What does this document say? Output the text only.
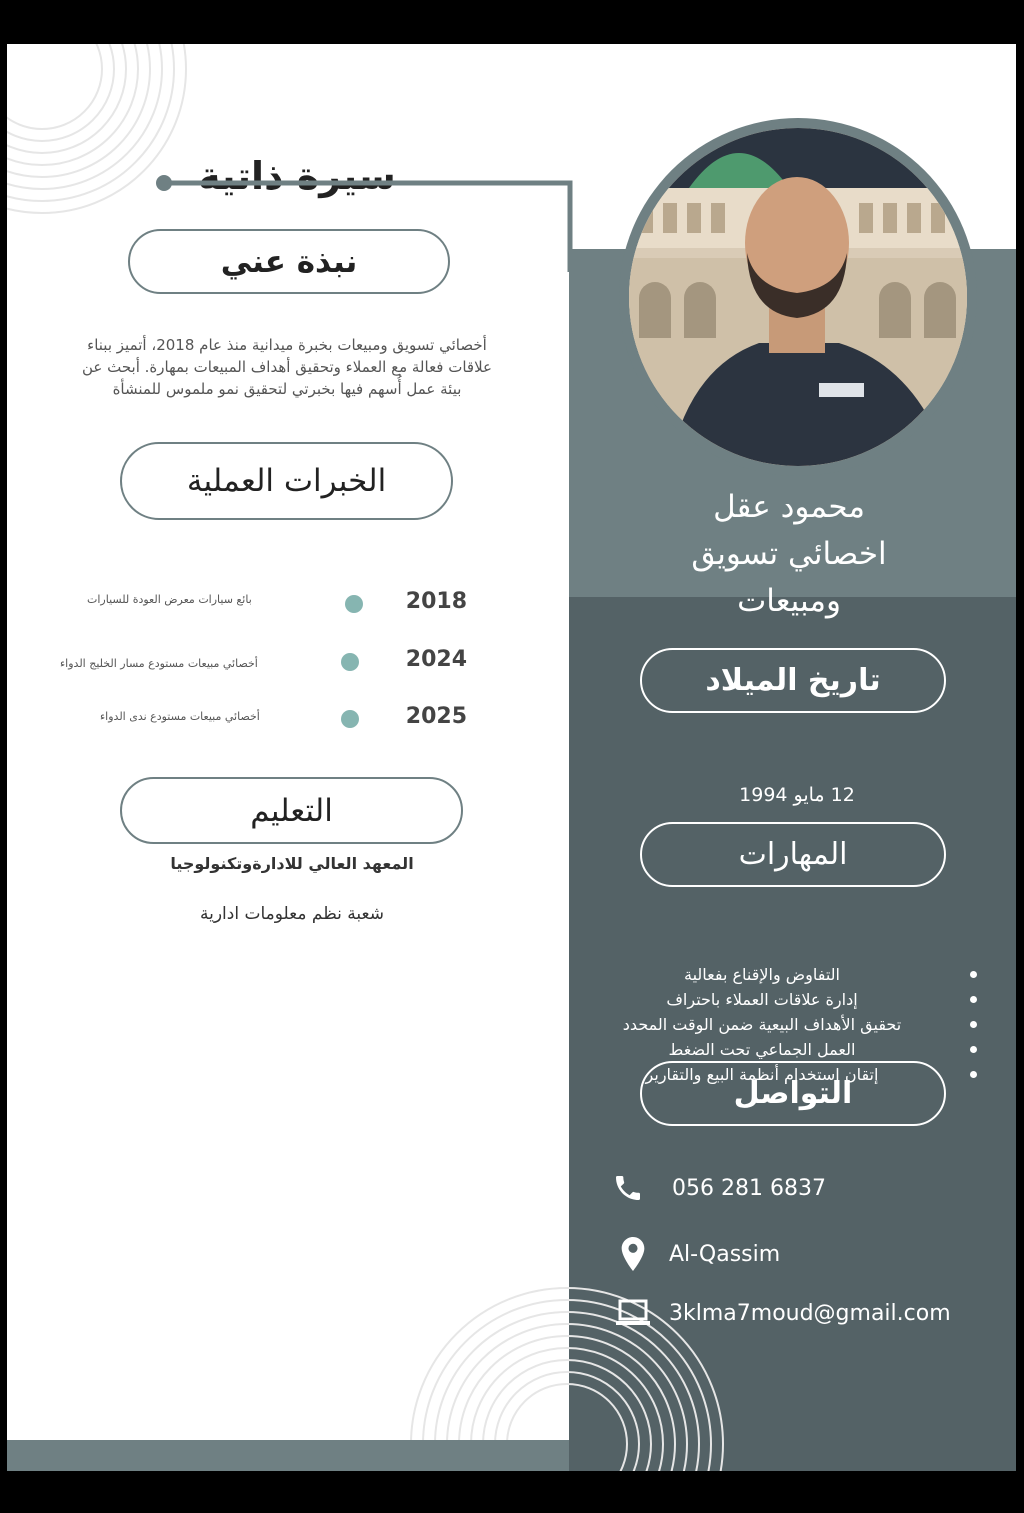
سيرة ذاتية
نبذة عني
أخصائي تسويق ومبيعات بخبرة ميدانية منذ عام 2018، أتميز ببناء
علاقات فعالة مع العملاء وتحقيق أهداف المبيعات بمهارة. أبحث عن
بيئة عمل أُسهم فيها بخبرتي لتحقيق نمو ملموس للمنشأة
الخبرات العملية
2018
بائع سيارات معرض العودة للسيارات
2024
أخصائي مبيعات مستودع مسار الخليج الدواء
2025
أخصائي مبيعات مستودع ندى الدواء
التعليم
المعهد العالي للادارةوتكنولوجيا
شعبة نظم معلومات ادارية
محمود عقل
اخصائي تسويق
ومبيعات
تاريخ الميلاد
12 مايو 1994
المهارات
التفاوض والإقناع بفعالية
إدارة علاقات العملاء باحتراف
تحقيق الأهداف البيعية ضمن الوقت المحدد
العمل الجماعي تحت الضغط
إتقان استخدام أنظمة البيع والتقارير
التواصل
056 281 6837
Al-Qassim
3klma7moud@gmail.com
